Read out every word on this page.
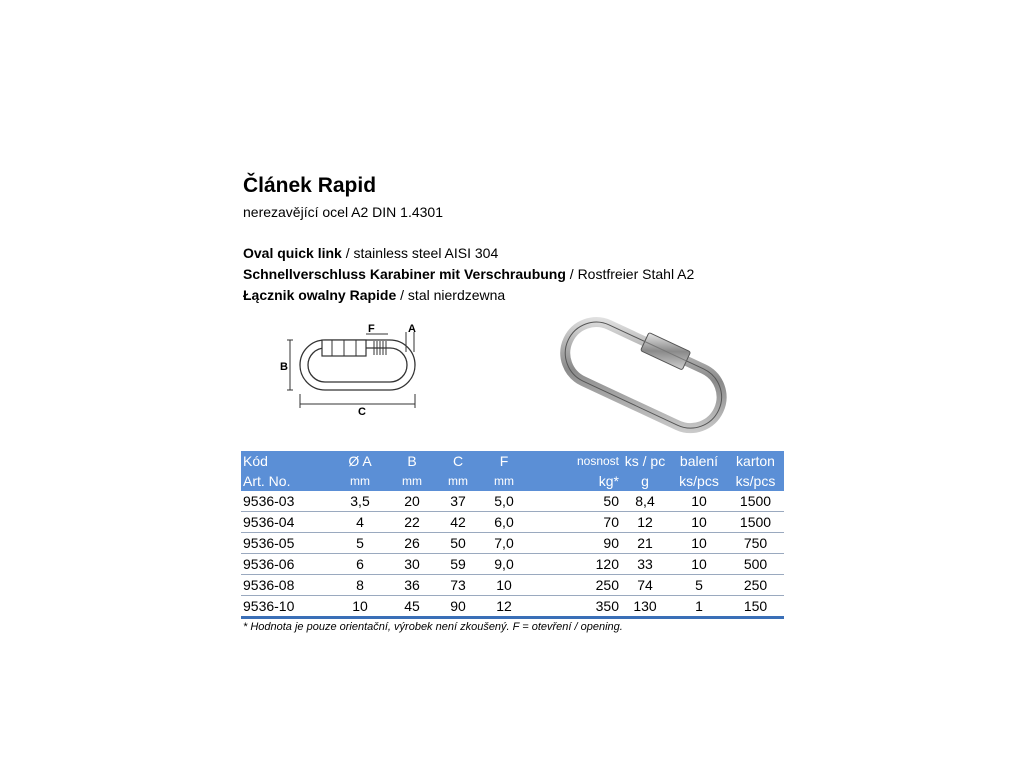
Článek Rapid
nerezavějící ocel A2 DIN 1.4301
Oval quick link / stainless steel AISI 304
Schnellverschluss Karabiner mit Verschraubung / Rostfreier Stahl A2
Łącznik owalny Rapide / stal nierdzewna
F	A
B
C
Kód	Ø A	B	C	F	nosnost	ks / pc	balení	karton
Art. No.	mm	mm	mm	mm	kg*	g	ks/pcs	ks/pcs
9536-03	3,5	20	37	5,0	50	8,4	10	1500
9536-04	4	22	42	6,0	70	12	10	1500
9536-05	5	26	50	7,0	90	21	10	750
9536-06	6	30	59	9,0	120	33	10	500
9536-08	8	36	73	10	250	74	5	250
9536-10	10	45	90	12	350	130	1	150
* Hodnota je pouze orientační, výrobek není zkoušený. F = otevření / opening.
